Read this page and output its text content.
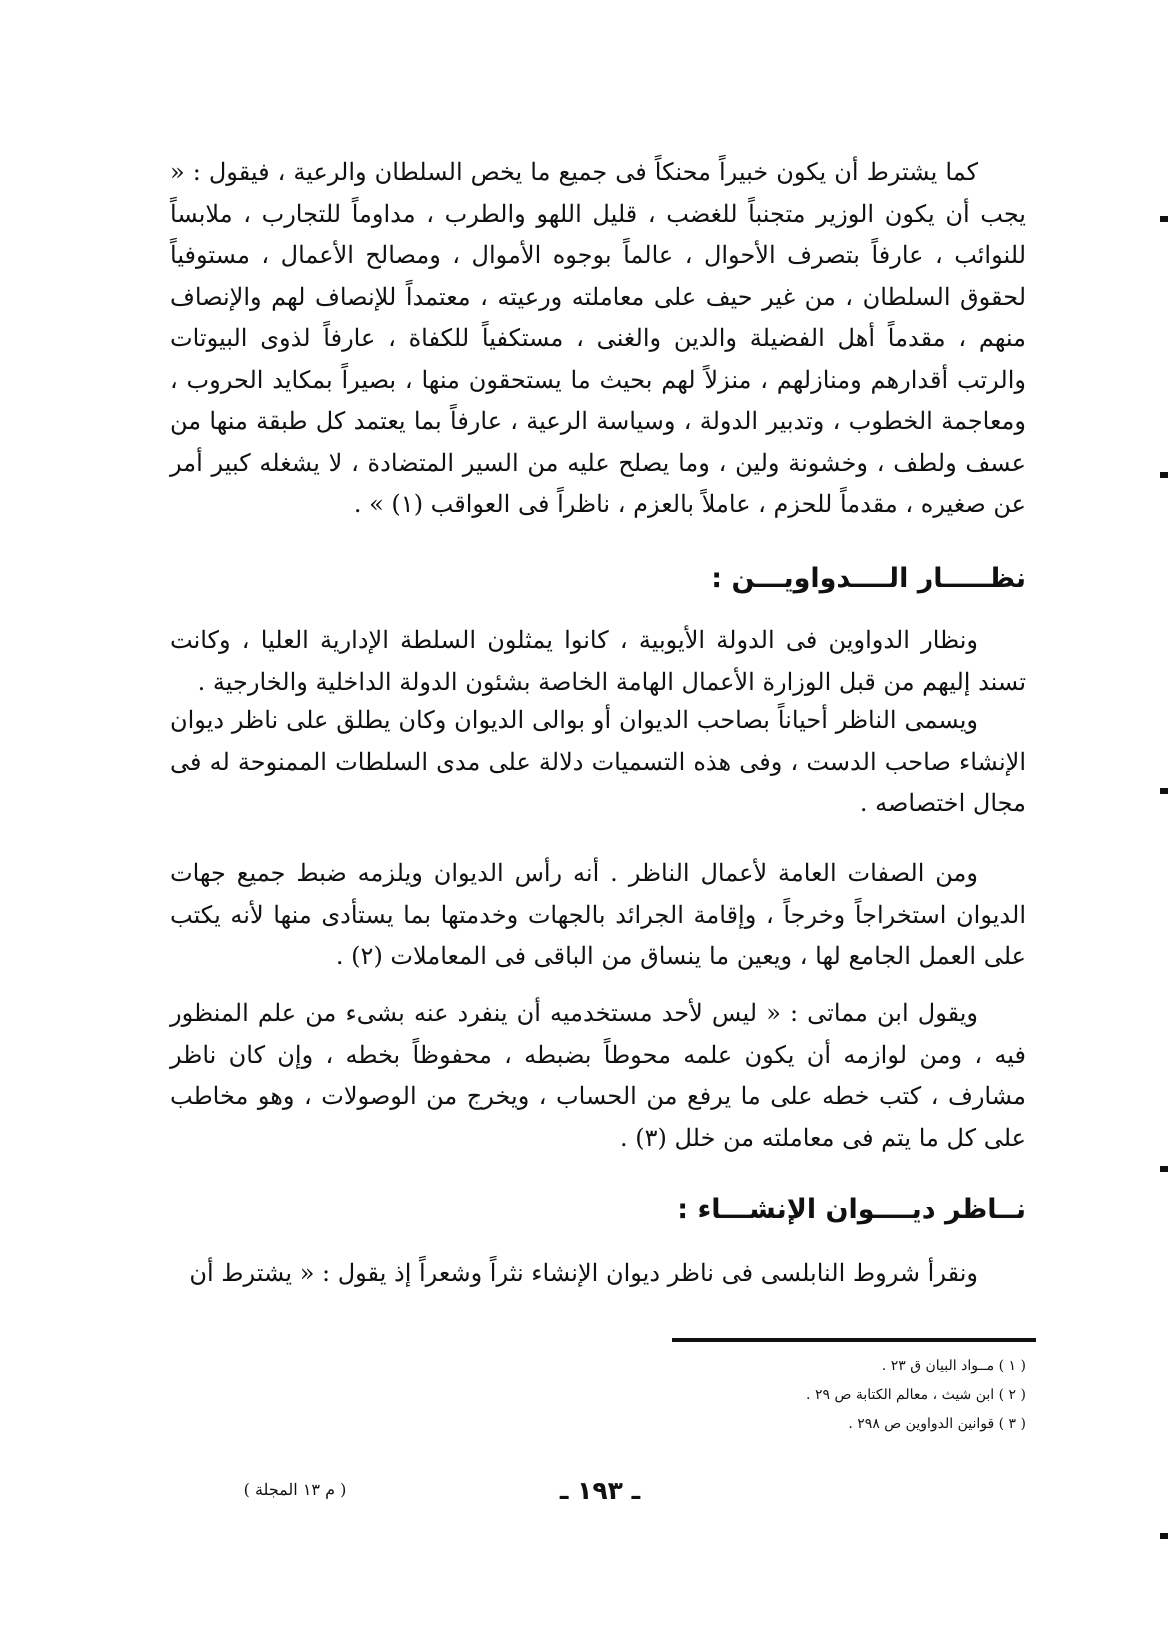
كما يشترط أن يكون خبيراً محنكاً فى جميع ما يخص السلطان والرعية ، فيقول : « يجب أن يكون الوزير متجنباً للغضب ، قليل اللهو والطرب ، مداوماً للتجارب ، ملابساً للنوائب ، عارفاً بتصرف الأحوال ، عالماً بوجوه الأموال ، ومصالح الأعمال ، مستوفياً لحقوق السلطان ، من غير حيف على معاملته ورعيته ، معتمداً للإنصاف لهم والإنصاف منهم ، مقدماً أهل الفضيلة والدين والغنى ، مستكفياً للكفاة ، عارفاً لذوى البيوتات والرتب أقدارهم ومنازلهم ، منزلاً لهم بحيث ما يستحقون منها ، بصيراً بمكايد الحروب ، ومعاجمة الخطوب ، وتدبير الدولة ، وسياسة الرعية ، عارفاً بما يعتمد كل طبقة منها من عسف ولطف ، وخشونة ولين ، وما يصلح عليه من السير المتضادة ، لا يشغله كبير أمر عن صغيره ، مقدماً للحزم ، عاملاً بالعزم ، ناظراً فى العواقب (١) » .
نظـــــار الــــدواويـــن :
ونظار الدواوين فى الدولة الأيوبية ، كانوا يمثلون السلطة الإدارية العليا ، وكانت تسند إليهم من قبل الوزارة الأعمال الهامة الخاصة بشئون الدولة الداخلية والخارجية .
ويسمى الناظر أحياناً بصاحب الديوان أو بوالى الديوان وكان يطلق على ناظر ديوان الإنشاء صاحب الدست ، وفى هذه التسميات دلالة على مدى السلطات الممنوحة له فى مجال اختصاصه .
ومن الصفات العامة لأعمال الناظر . أنه رأس الديوان ويلزمه ضبط جميع جهات الديوان استخراجاً وخرجاً ، وإقامة الجرائد بالجهات وخدمتها بما يستأدى منها لأنه يكتب على العمل الجامع لها ، ويعين ما ينساق من الباقى فى المعاملات (٢) .
ويقول ابن مماتى : « ليس لأحد مستخدميه أن ينفرد عنه بشىء من علم المنظور فيه ، ومن لوازمه أن يكون علمه محوطاً بضبطه ، محفوظاً بخطه ، وإن كان ناظر مشارف ، كتب خطه على ما يرفع من الحساب ، ويخرج من الوصولات ، وهو مخاطب على كل ما يتم فى معاملته من خلل (٣) .
نــاظر ديــــوان الإنشـــاء :
ونقرأ شروط النابلسى فى ناظر ديوان الإنشاء نثراً وشعراً إذ يقول : « يشترط أن
( ١ ) مــواد البيان ق ٢٣ .
( ٢ ) ابن شيث ، معالم الكتابة ص ٢٩ .
( ٣ ) قوانين الدواوين ص ٢٩٨ .
ـ ١٩٣ ـ
( م ١٣ المجلة )
